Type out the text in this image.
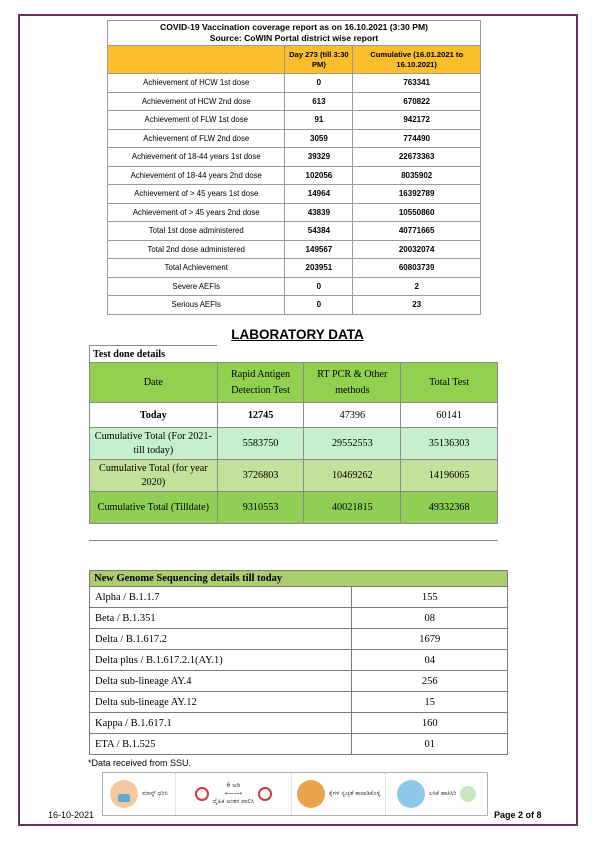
COVID-19 Vaccination coverage report as on 16.10.2021 (3:30 PM)
Source: CoWIN Portal district wise report		

	Day 273 (till 3:30 PM)	Cumulative (16.01.2021 to 16.10.2021)
Achievement of HCW 1st dose	0	763341
Achievement of HCW 2nd dose	613	670822
Achievement of FLW 1st dose	91	942172
Achievement of FLW 2nd dose	3059	774490
Achievement of 18-44 years 1st dose	39329	22673363
Achievement of 18-44 years 2nd dose	102056	8035902
Achievement of > 45 years 1st dose	14964	16392789
Achievement of > 45 years 2nd dose	43839	10550860
Total 1st dose administered	54384	40771665
Total 2nd dose administered	149567	20032074
Total Achievement	203951	60803739
Severe AEFIs	0	2
Serious AEFIs	0	23
LABORATORY DATA
Test done details			
Date	Rapid Antigen Detection Test	RT PCR & Other methods	Total Test
Today	12745	47396	60141
Cumulative Total (For 2021- till today)	5583750	29552553	35136303
Cumulative Total (for year 2020)	3726803	10469262	14196065
Cumulative Total (Tilldate)	9310553	40021815	49332368
New Genome Sequencing details till today	
Alpha / B.1.1.7	155
Beta / B.1.351	08
Delta / B.1.617.2	1679
Delta plus / B.1.617.2.1(AY.1)	04
Delta sub-lineage AY.4	256
Delta sub-lineage AY.12	15
Kappa / B.1.617.1	160
ETA / B.1.525	01
*Data received from SSU.
ಮಾಸ್ಕ್ ಧರಿಸಿ
6 ಅಡಿ
⟵⟶
ದೈಹಿಕ ಅಂತರ ಪಾಲಿಸಿ
ಕೈಗಳ ಸ್ವಚ್ಛತೆ ಕಾಪಾಡಿಕೊಳ್ಳಿ	ಲಸಿಕೆ ಹಾಕಿಸಿರಿ
16-10-2021	Page 2 of 8
